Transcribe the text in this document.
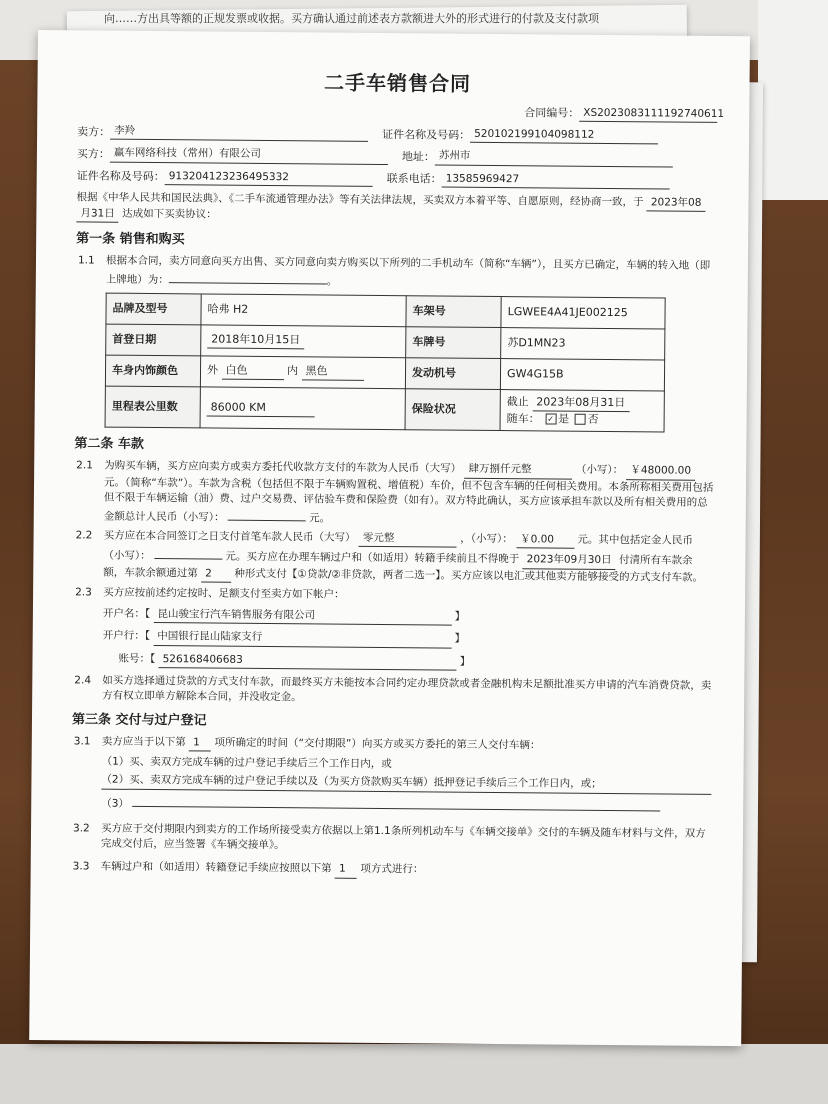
向……方出具等额的正规发票或收据。买方确认通过前述表方款额进大外的形式进行的付款及支付款项
二手车销售合同
合同编号： XS2023083111192740611
卖方： 李羚	证件名称及号码： 520102199104098112
买方： 赢车网络科技（常州）有限公司	地址： 苏州市
证件名称及号码： 913204123236495332	联系电话： 13585969427
根据《中华人民共和国民法典》、《二手车流通管理办法》等有关法律法规，买卖双方本着平等、自愿原则，经协商一致，于 2023年08 月31日 达成如下买卖协议：
第一条 销售和购买
1.1	根据本合同，卖方同意向买方出售、买方同意向卖方购买以下所列的二手机动车（简称“车辆”），且买方已确定，车辆的转入地（即上牌地）为：	。
品牌及型号	哈弗 H2	车架号	LGWEE4A41JE002125
首登日期	2018年10月15日	车牌号	苏D1MN23
车身内饰颜色	外 白色 内 黑色	发动机号	GW4G15B
里程表公里数	86000 KM	保险状况	截止 2023年08月31日
随车： ✓ 是 否
第二条 车款
2.1	为购买车辆，买方应向卖方或卖方委托代收款方支付的车款为人民币（大写） 肆万捌仟元整	（小写）： ￥48000.00 元。（简称“车款”）。车款为含税（包括但不限于车辆购置税、增值税）车价，但不包含车辆的任何相关费用。本条所称相关费用包括但不限于车辆运输（油）费、过户交易费、评估验车费和保险费（如有）。双方特此确认，买方应该承担车款以及所有相关费用的总金额总计人民币（小写）：	元。
2.2	买方应在本合同签订之日支付首笔车款人民币（大写） 零元整	，（小写）： ￥0.00 元。其中包括定金人民币（小写）：	元。买方应在办理车辆过户和（如适用）转籍手续前且不得晚于 2023年09月30日 付清所有车款余额，车款余额通过第 2 种形式支付【①贷款/②非贷款，两者二选一】。买方应该以电汇或其他卖方能够接受的方式支付车款。
2.3	买方应按前述约定按时、足额支付至卖方如下帐户：
开户名：【 昆山骏宝行汽车销售服务有限公司	】
开户行：【 中国银行昆山陆家支行	】
账号：【 526168406683	】
2.4	如买方选择通过贷款的方式支付车款，而最终买方未能按本合同约定办理贷款或者金融机构未足额批准买方申请的汽车消费贷款，卖方有权立即单方解除本合同，并没收定金。
第三条 交付与过户登记
3.1	卖方应当于以下第 1 项所确定的时间（“交付期限”）向买方或买方委托的第三人交付车辆：
（1）买、卖双方完成车辆的过户登记手续后三个工作日内，或
（2）买、卖双方完成车辆的过户登记手续以及（为买方贷款购买车辆）抵押登记手续后三个工作日内，或；
（3）
3.2	买方应于交付期限内到卖方的工作场所接受卖方依据以上第1.1条所列机动车与《车辆交接单》交付的车辆及随车材料与文件，双方完成交付后，应当签署《车辆交接单》。
3.3	车辆过户和（如适用）转籍登记手续应按照以下第 1 项方式进行：
